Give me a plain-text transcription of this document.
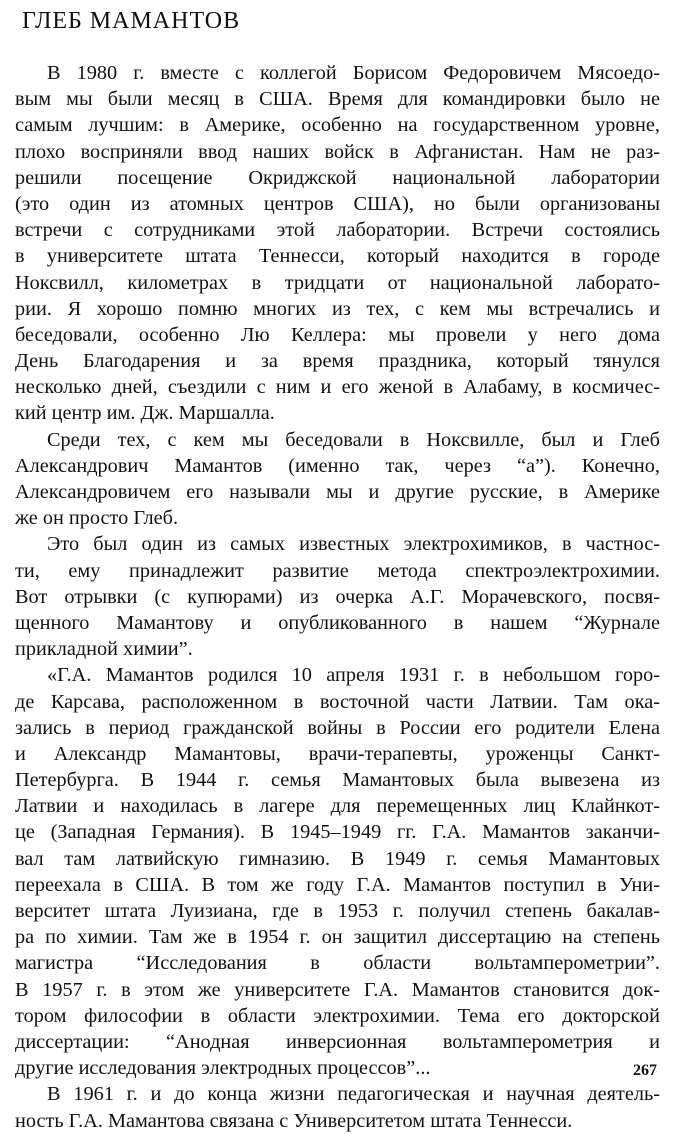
ГЛЕБ МАМАНТОВ
В 1980 г. вместе с коллегой Борисом Федоровичем Мясоедо-
вым мы были месяц в США. Время для командировки было не
самым лучшим: в Америке, особенно на государственном уровне,
плохо восприняли ввод наших войск в Афганистан. Нам не раз-
решили посещение Окриджской национальной лаборатории
(это один из атомных центров США), но были организованы
встречи с сотрудниками этой лаборатории. Встречи состоялись
в университете штата Теннесси, который находится в городе
Ноксвилл, километрах в тридцати от национальной лаборато-
рии. Я хорошо помню многих из тех, с кем мы встречались и
беседовали, особенно Лю Келлера: мы провели у него дома
День Благодарения и за время праздника, который тянулся
несколько дней, съездили с ним и его женой в Алабаму, в космичес-
кий центр им. Дж. Маршалла.
Среди тех, с кем мы беседовали в Ноксвилле, был и Глеб
Александрович Мамантов (именно так, через “а”). Конечно,
Александровичем его называли мы и другие русские, в Америке
же он просто Глеб.
Это был один из самых известных электрохимиков, в частнос-
ти, ему принадлежит развитие метода спектроэлектрохимии.
Вот отрывки (с купюрами) из очерка А.Г. Морачевского, посвя-
щенного Мамантову и опубликованного в нашем “Журнале
прикладной химии”.
«Г.А. Мамантов родился 10 апреля 1931 г. в небольшом горо-
де Карсава, расположенном в восточной части Латвии. Там ока-
зались в период гражданской войны в России его родители Елена
и Александр Мамантовы, врачи-терапевты, уроженцы Санкт-
Петербурга. В 1944 г. семья Мамантовых была вывезена из
Латвии и находилась в лагере для перемещенных лиц Клайнкот-
це (Западная Германия). В 1945–1949 гг. Г.А. Мамантов заканчи-
вал там латвийскую гимназию. В 1949 г. семья Мамантовых
переехала в США. В том же году Г.А. Мамантов поступил в Уни-
верситет штата Луизиана, где в 1953 г. получил степень бакалав-
ра по химии. Там же в 1954 г. он защитил диссертацию на степень
магистра “Исследования в области вольтамперометрии”.
В 1957 г. в этом же университете Г.А. Мамантов становится док-
тором философии в области электрохимии. Тема его докторской
диссертации: “Анодная инверсионная вольтамперометрия и
другие исследования электродных процессов”...
В 1961 г. и до конца жизни педагогическая и научная деятель-
ность Г.А. Мамантова связана с Университетом штата Теннесси.
267
